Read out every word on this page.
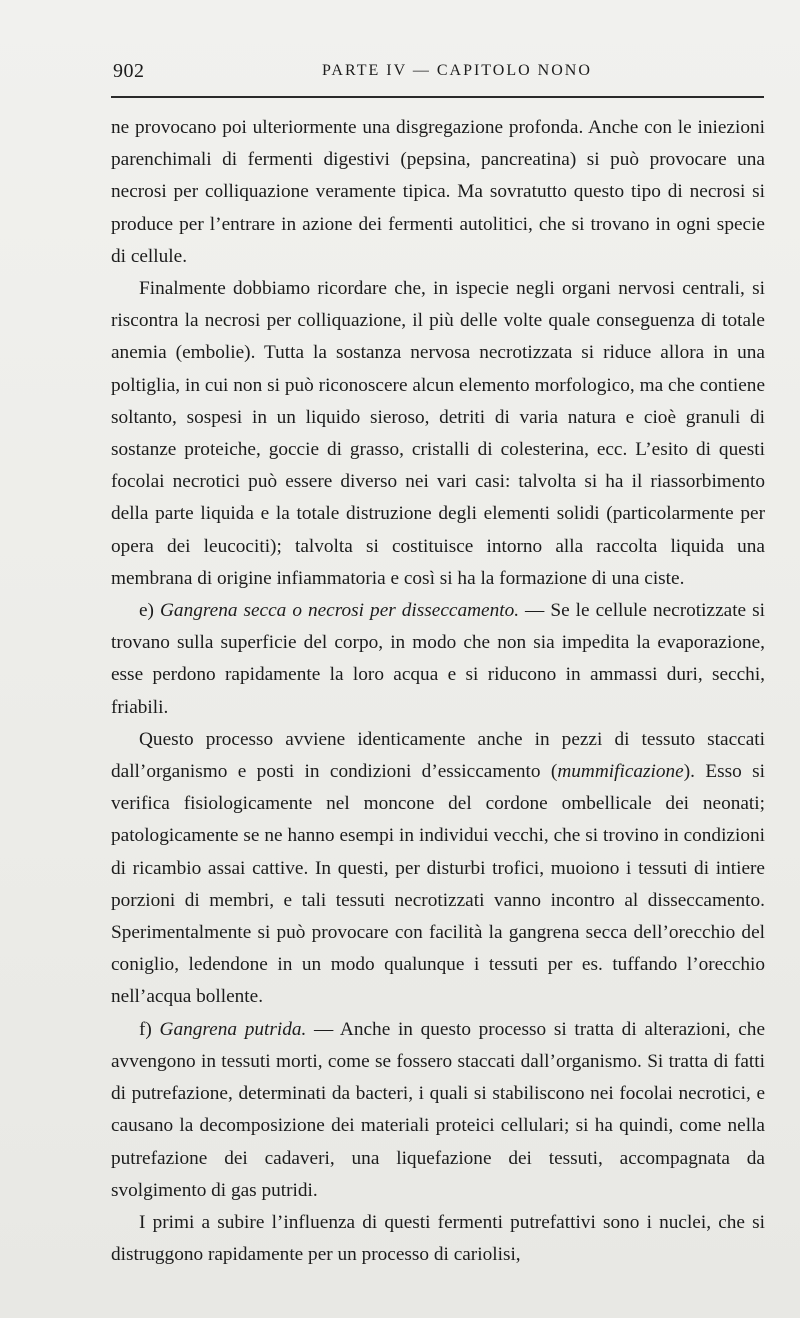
902	PARTE IV — CAPITOLO NONO

ne provocano poi ulteriormente una disgregazione profonda. Anche con le iniezioni parenchimali di fermenti digestivi (pepsina, pancreatina) si può provocare una necrosi per colliquazione veramente tipica. Ma sovratutto questo tipo di necrosi si produce per l’entrare in azione dei fermenti autolitici, che si trovano in ogni specie di cellule.

Finalmente dobbiamo ricordare che, in ispecie negli organi nervosi centrali, si riscontra la necrosi per colliquazione, il più delle volte quale conseguenza di totale anemia (embolie). Tutta la sostanza nervosa necrotizzata si riduce allora in una poltiglia, in cui non si può riconoscere alcun elemento morfologico, ma che contiene soltanto, sospesi in un liquido sieroso, detriti di varia natura e cioè granuli di sostanze proteiche, goccie di grasso, cristalli di colesterina, ecc. L’esito di questi focolai necrotici può essere diverso nei vari casi: talvolta si ha il riassorbimento della parte liquida e la totale distruzione degli elementi solidi (particolarmente per opera dei leucociti); talvolta si costituisce intorno alla raccolta liquida una membrana di origine infiammatoria e così si ha la formazione di una ciste.

e) Gangrena secca o necrosi per disseccamento. — Se le cellule necrotizzate si trovano sulla superficie del corpo, in modo che non sia impedita la evaporazione, esse perdono rapidamente la loro acqua e si riducono in ammassi duri, secchi, friabili.

Questo processo avviene identicamente anche in pezzi di tessuto staccati dall’organismo e posti in condizioni d’essiccamento (mummificazione). Esso si verifica fisiologicamente nel moncone del cordone ombellicale dei neonati; patologicamente se ne hanno esempi in individui vecchi, che si trovino in condizioni di ricambio assai cattive. In questi, per disturbi trofici, muoiono i tessuti di intiere porzioni di membri, e tali tessuti necrotizzati vanno incontro al disseccamento. Sperimentalmente si può provocare con facilità la gangrena secca dell’orecchio del coniglio, ledendone in un modo qualunque i tessuti per es. tuffando l’orecchio nell’acqua bollente.

f) Gangrena putrida. — Anche in questo processo si tratta di alterazioni, che avvengono in tessuti morti, come se fossero staccati dall’organismo. Si tratta di fatti di putrefazione, determinati da bacteri, i quali si stabiliscono nei focolai necrotici, e causano la decomposizione dei materiali proteici cellulari; si ha quindi, come nella putrefazione dei cadaveri, una liquefazione dei tessuti, accompagnata da svolgimento di gas putridi.

I primi a subire l’influenza di questi fermenti putrefattivi sono i nuclei, che si distruggono rapidamente per un processo di cariolisi,
